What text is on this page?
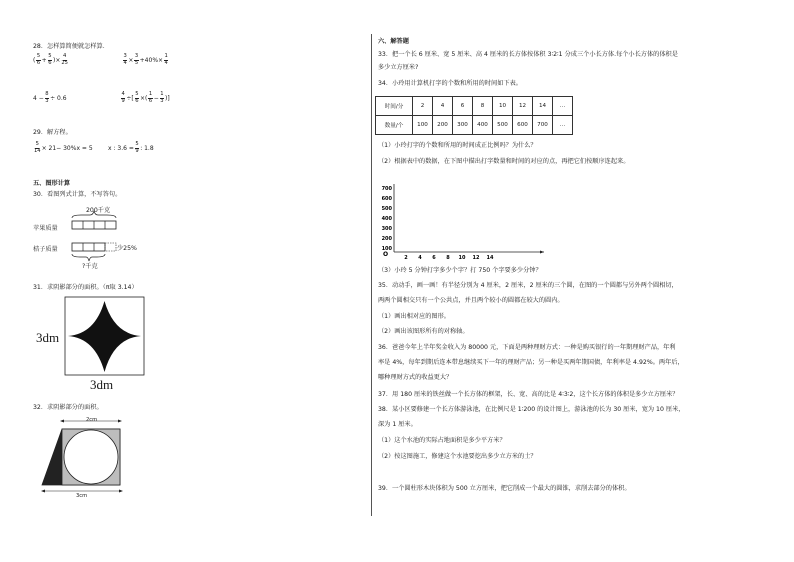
28．怎样算简便就怎样算．
( $\frac{5}{6} + \frac{5}{6}$ )× $\frac{4}{25}$	$\frac{3}{4} \times \frac{3}{5} +40\%\times \frac{1}{4}$
$4 - \frac{8}{3} \div 0.6$	$\frac{4}{9}$ ÷[ $\frac{5}{6}$ ×( $\frac{1}{6} - \frac{1}{3}$ )]
29．解方程。
$\frac{5}{14} \times 21- 30\%x = 5$	x : $3.6 = \frac{5}{9}$ : 1.8
五、图形计算
30．看图列式计算，不写答句。
200千克
苹果质量
桔子质量	少25%
?千克
31．求阴影部分的面积。（π取 3.14）
3dm
3dm
32．求阴影部分的面积。
2cm
3cm
六、解答题
33．把一个长 6 厘米、宽 5 厘米、高 4 厘米的长方体按体积 3∶2∶1 分成三个小长方体.每个小长方体的体积是
多少立方厘米?
34．小玲用计算机打字的个数和所用的时间如下表。
时间/分	2	4	6	8	10	12	14	…
数量/个	100	200	300	400	500	600	700	…
（1）小玲打字的个数和所用的时间成正比例吗？为什么？
（2）根据表中的数据，在下图中描出打字数量和时间的对应的点，再把它们按顺序连起来。
700
600
500
400
300
200
100
2 4 6 8 10 12 14
O
（3）小玲 5 分钟打字多少个字？打 750 个字要多少分钟？
35．动动手，画一画！有半径分别为 4 厘米，2 厘米，2 厘米的三个圆，在图的一个圆都与另外两个圆相切，
两两个圆相交只有一个公共点，并且两个较小的圆都在较大的圆内。
（1）画出相对应的图形。
（2）画出该图形所有的对称轴。
36．爸爸今年上半年奖金收入为 80000 元，下面是两种理财方式：一种是购买银行的一年期理财产品，年利
率是 4%，每年到期后连本带息继续买下一年的理财产品；另一种是买两年期国债，年利率是 4.92%。两年后，
哪种理财方式的收益更大？
37．用 180 厘米的铁丝做一个长方体的框架，长、宽、高的比是 4∶3∶2，这个长方体的体积是多少立方厘米？
38．某小区要修建一个长方体游泳池，在比例尺是 1∶200 的设计图上，游泳池的长为 30 厘米，宽为 10 厘米，
深为 1 厘米。
（1）这个水池的实际占地面积是多少平方米？
（2）按这图施工，修建这个水池要挖出多少立方米的土？
39．一个圆柱形木块体积为 500 立方厘米，把它削成一个最大的圆锥，求削去部分的体积。
